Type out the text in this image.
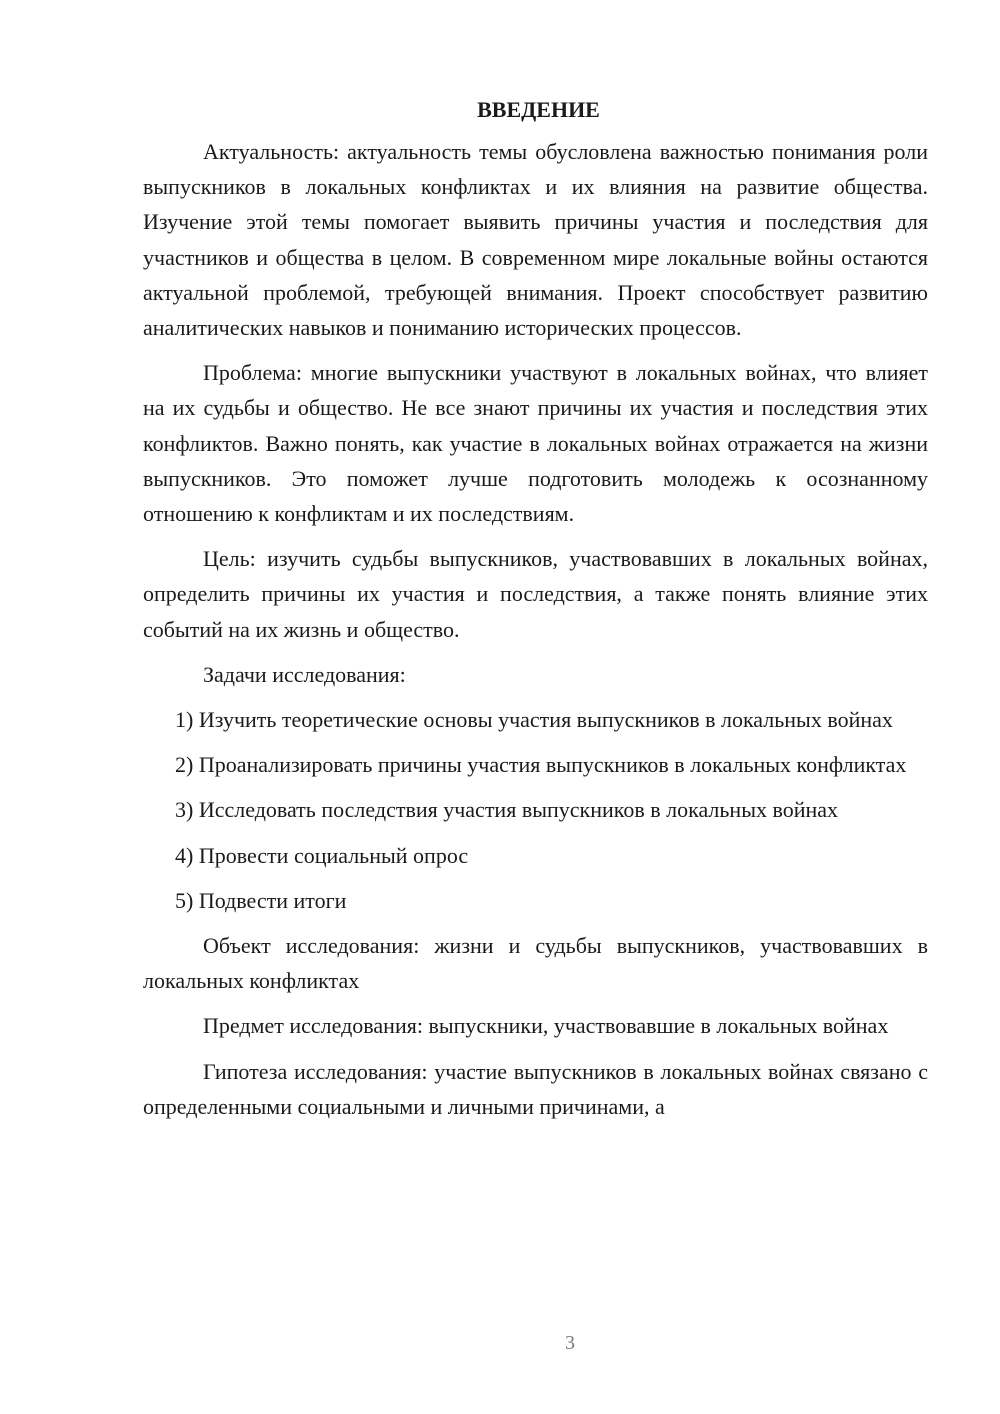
ВВЕДЕНИЕ

Актуальность: актуальность темы обусловлена важностью понимания роли выпускников в локальных конфликтах и их влияния на развитие общества. Изучение этой темы помогает выявить причины участия и последствия для участников и общества в целом. В современном мире локальные войны остаются актуальной проблемой, требующей внимания. Проект способствует развитию аналитических навыков и пониманию исторических процессов.

Проблема: многие выпускники участвуют в локальных войнах, что влияет на их судьбы и общество. Не все знают причины их участия и последствия этих конфликтов. Важно понять, как участие в локальных войнах отражается на жизни выпускников. Это поможет лучше подготовить молодежь к осознанному отношению к конфликтам и их последствиям.

Цель: изучить судьбы выпускников, участвовавших в локальных войнах, определить причины их участия и последствия, а также понять влияние этих событий на их жизнь и общество.

Задачи исследования:

1) Изучить теоретические основы участия выпускников в локальных войнах

2) Проанализировать причины участия выпускников в локальных конфликтах

3) Исследовать последствия участия выпускников в локальных войнах

4) Провести социальный опрос

5) Подвести итоги

Объект исследования: жизни и судьбы выпускников, участвовавших в локальных конфликтах

Предмет исследования: выпускники, участвовавшие в локальных войнах

Гипотеза исследования: участие выпускников в локальных войнах связано с определенными социальными и личными причинами, а

3
